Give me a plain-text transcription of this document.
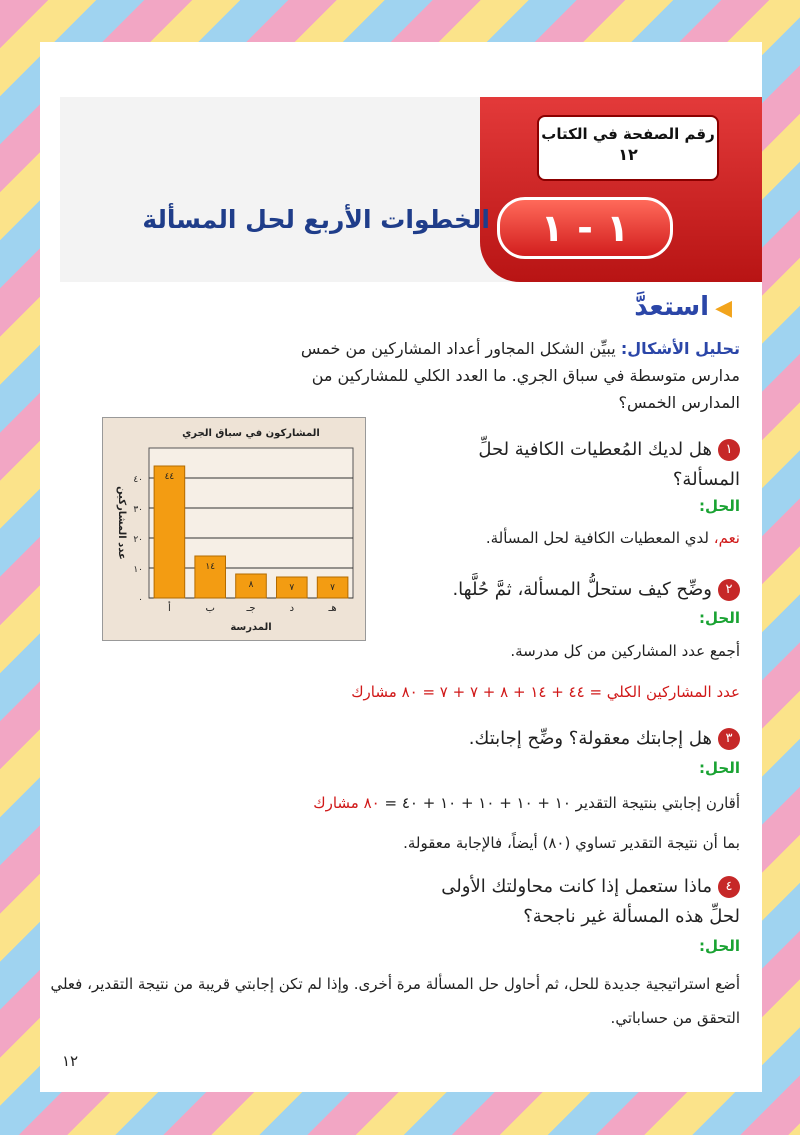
رقم الصفحة في الكتاب
١٢
١ - ١
الخطوات الأربع لحل المسألة
◀استعدَّ
تحليل الأشكال: يبيِّن الشكل المجاور أعداد المشاركين من خمس مدارس متوسطة في سباق الجري. ما العدد الكلي للمشاركين من المدارس الخمس؟
٠
١٠
٢٠
٣٠
٤٠ ٤٤
أ
١٤
ب
٨
جـ
٧
د
٧
هـ
المشاركون في سباق الجري
المدرسة
عدد المشاركين
١هل لديك المُعطيات الكافية لحلِّ المسألة؟
الحل:
نعم، لدي المعطيات الكافية لحل المسألة.
٢وضِّح كيف ستحلُّ المسألة، ثمَّ حُلَّها.
الحل:
أجمع عدد المشاركين من كل مدرسة.
عدد المشاركين الكلي = ٤٤ + ١٤ + ٨ + ٧ + ٧ = ٨٠ مشارك
٣هل إجابتك معقولة؟ وضِّح إجابتك.
الحل:
أقارن إجابتي بنتيجة التقدير ١٠ + ١٠ + ١٠ + ١٠ + ٤٠ = ٨٠ مشارك
بما أن نتيجة التقدير تساوي (٨٠) أيضاً، فالإجابة معقولة.
٤ماذا ستعمل إذا كانت محاولتك الأولى لحلِّ هذه المسألة غير ناجحة؟
الحل:
أضع استراتيجية جديدة للحل، ثم أحاول حل المسألة مرة أخرى. وإذا لم تكن إجابتي قريبة من نتيجة التقدير، فعلي التحقق من حساباتي.
١٢
